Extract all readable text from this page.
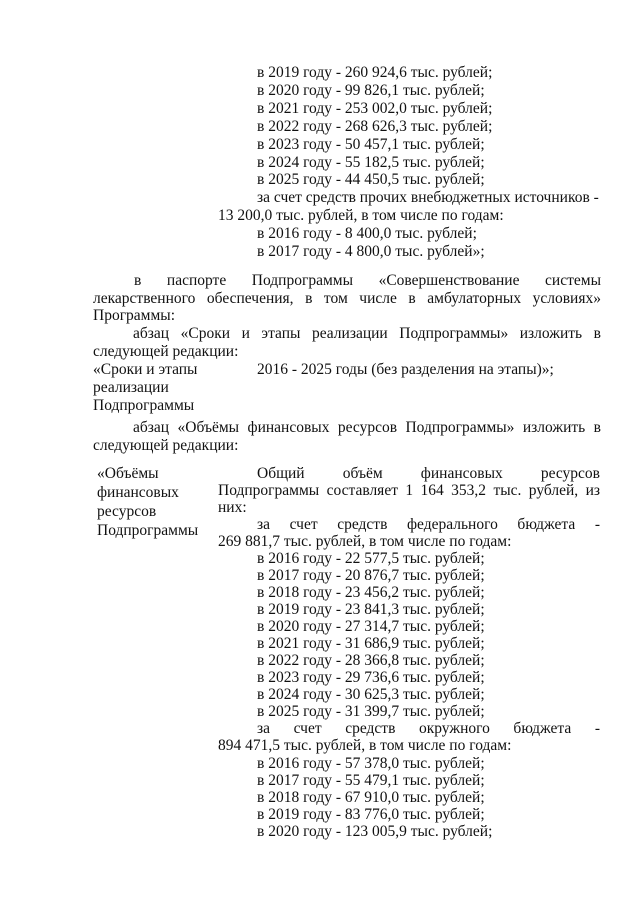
в 2019 году - 260 924,6 тыс. рублей;
в 2020 году - 99 826,1 тыс. рублей;
в 2021 году - 253 002,0 тыс. рублей;
в 2022 году - 268 626,3 тыс. рублей;
в 2023 году - 50 457,1 тыс. рублей;
в 2024 году - 55 182,5 тыс. рублей;
в 2025 году - 44 450,5 тыс. рублей;
за счет средств прочих внебюджетных источников -
13 200,0 тыс. рублей, в том числе по годам:
в 2016 году - 8 400,0 тыс. рублей;
в 2017 году - 4 800,0 тыс. рублей»;
в паспорте Подпрограммы «Совершенствование системы
лекарственного обеспечения, в том числе в амбулаторных условиях»
Программы:
абзац «Сроки и этапы реализации Подпрограммы» изложить в
следующей редакции:
«Сроки и этапы
реализации
Подпрограммы
2016 - 2025 годы (без разделения на этапы)»;
абзац «Объёмы финансовых ресурсов Подпрограммы» изложить в
следующей редакции:
«Объёмы
финансовых
ресурсов
Подпрограммы
Общий объём финансовых ресурсов
Подпрограммы составляет 1 164 353,2 тыс. рублей, из
них:
за счет средств федерального бюджета -
269 881,7 тыс. рублей, в том числе по годам:
в 2016 году - 22 577,5 тыс. рублей;
в 2017 году - 20 876,7 тыс. рублей;
в 2018 году - 23 456,2 тыс. рублей;
в 2019 году - 23 841,3 тыс. рублей;
в 2020 году - 27 314,7 тыс. рублей;
в 2021 году - 31 686,9 тыс. рублей;
в 2022 году - 28 366,8 тыс. рублей;
в 2023 году - 29 736,6 тыс. рублей;
в 2024 году - 30 625,3 тыс. рублей;
в 2025 году - 31 399,7 тыс. рублей;
за счет средств окружного бюджета -
894 471,5 тыс. рублей, в том числе по годам:
в 2016 году - 57 378,0 тыс. рублей;
в 2017 году - 55 479,1 тыс. рублей;
в 2018 году - 67 910,0 тыс. рублей;
в 2019 году - 83 776,0 тыс. рублей;
в 2020 году - 123 005,9 тыс. рублей;
